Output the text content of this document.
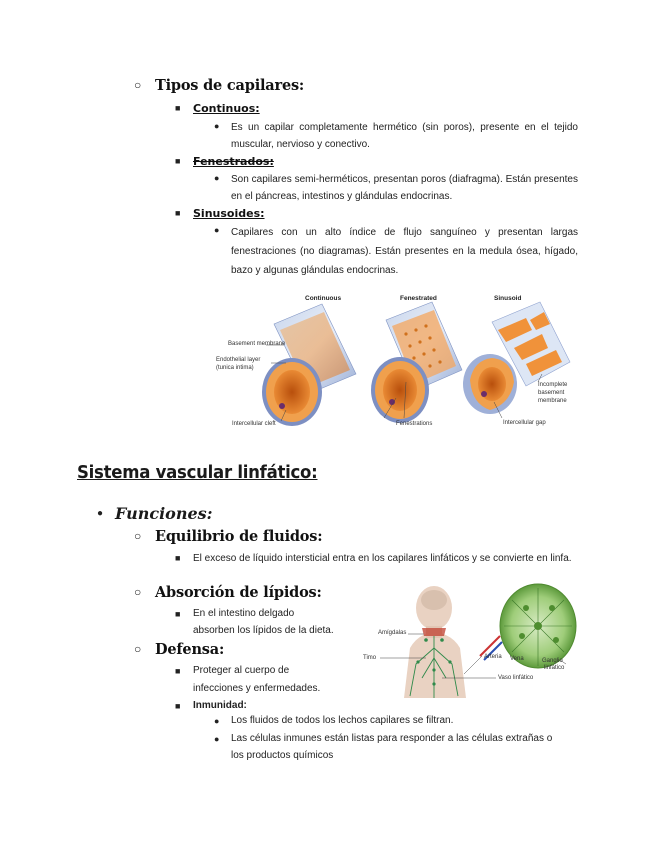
○ Tipos de capilares:
■ Continuos:
● Es un capilar completamente hermético (sin poros), presente en el tejido muscular, nervioso y conectivo.
■ Fenestrados:
● Son capilares semi-herméticos, presentan poros (diafragma). Están presentes en el páncreas, intestinos y glándulas endocrinas.
■ Sinusoides:
● Capilares con un alto índice de flujo sanguíneo y presentan largas fenestraciones (no diagramas). Están presentes en la medula ósea, hígado, bazo y algunas glándulas endocrinas.
Continuous	Fenestrated	Sinusoid
Basement membrane
Endothelial layer
(tunica intima)
Intercellular cleft	Fenestrations	Intercellular gap
Incomplete
basement
membrane
Sistema vascular linfático:
● Funciones:
○ Equilibrio de fluidos:
■ El exceso de líquido intersticial entra en los capilares linfáticos y se convierte en linfa.
○ Absorción de lípidos:
■ En el intestino delgado
absorben los lípidos de la dieta.
○ Defensa:
■ Proteger al cuerpo de
infecciones y enfermedades.
■ Inmunidad:
● Los fluidos de todos los lechos capilares se filtran.
● Las células inmunes están listas para responder a las células extrañas o
los productos químicos
Amígdalas
Timo	Arteria Vena	Ganglio
linfático
Vaso linfático
